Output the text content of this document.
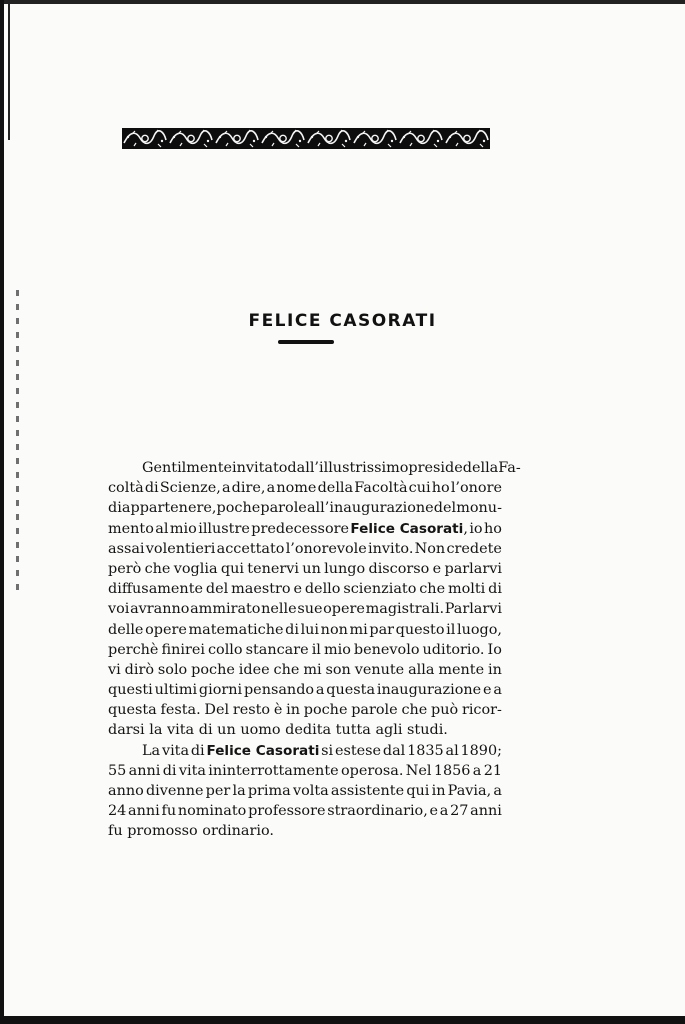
FELICE CASORATI
Gentilmente invitato dall’illustrissimo preside della Fa-
coltà di Scienze, a dire, a nome della Facoltà cui ho l’onore
di appartenere, poche parole all’ inaugurazione del monu-
mento al mio illustre predecessore Felice Casorati, io ho
assai volentieri accettato l’onorevole invito. Non credete
però che voglia qui tenervi un lungo discorso e parlarvi
diffusamente del maestro e dello scienziato che molti di
voi avranno ammirato nelle sue opere magistrali. Parlarvi
delle opere matematiche di lui non mi par questo il luogo,
perchè finirei collo stancare il mio benevolo uditorio. Io
vi dirò solo poche idee che mi son venute alla mente in
questi ultimi giorni pensando a questa inaugurazione e a
questa festa. Del resto è in poche parole che può ricor-
darsi la vita di un uomo dedita tutta agli studi.
La vita di Felice Casorati si estese dal 1835 al 1890;
55 anni di vita ininterrottamente operosa. Nel 1856 a 21
anno divenne per la prima volta assistente qui in Pavia, a
24 anni fu nominato professore straordinario, e a 27 anni
fu promosso ordinario.
